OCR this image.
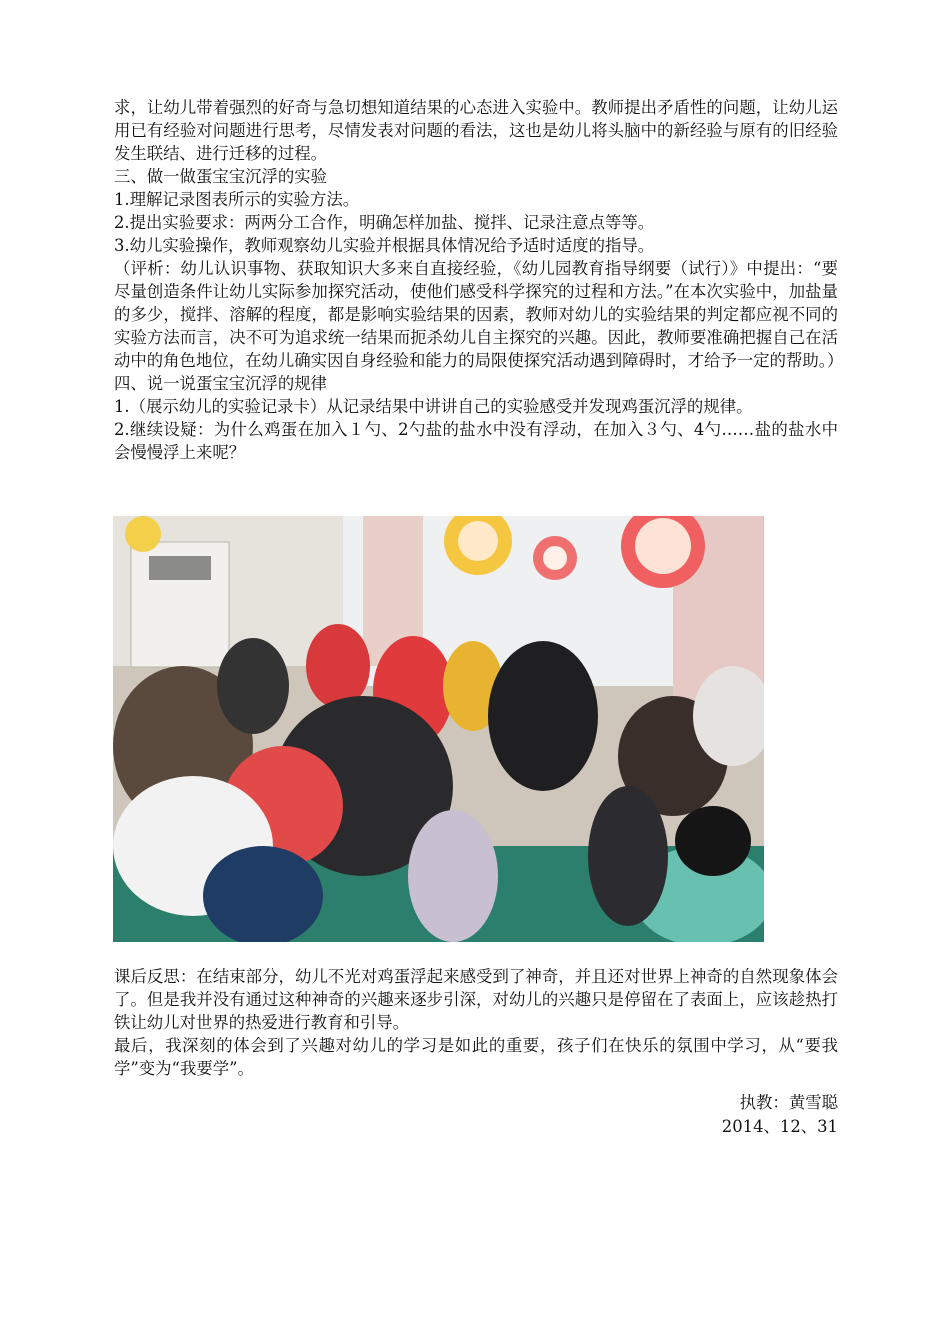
求，让幼儿带着强烈的好奇与急切想知道结果的心态进入实验中。教师提出矛盾性的问题，让幼儿运用已有经验对问题进行思考，尽情发表对问题的看法，这也是幼儿将头脑中的新经验与原有的旧经验发生联结、进行迁移的过程。

三、做一做蛋宝宝沉浮的实验

1.理解记录图表所示的实验方法。

2.提出实验要求：两两分工合作，明确怎样加盐、搅拌、记录注意点等等。

3.幼儿实验操作，教师观察幼儿实验并根据具体情况给予适时适度的指导。

（评析：幼儿认识事物、获取知识大多来自直接经验，《幼儿园教育指导纲要（试行）》中提出：“要尽量创造条件让幼儿实际参加探究活动，使他们感受科学探究的过程和方法。”在本次实验中，加盐量的多少，搅拌、溶解的程度，都是影响实验结果的因素，教师对幼儿的实验结果的判定都应视不同的实验方法而言，决不可为追求统一结果而扼杀幼儿自主探究的兴趣。因此，教师要准确把握自己在活动中的角色地位，在幼儿确实因自身经验和能力的局限使探究活动遇到障碍时，才给予一定的帮助。）

四、说一说蛋宝宝沉浮的规律

1.（展示幼儿的实验记录卡）从记录结果中讲讲自己的实验感受并发现鸡蛋沉浮的规律。

2.继续设疑：为什么鸡蛋在加入１勺、2勺盐的盐水中没有浮动，在加入３勺、4勺……盐的盐水中会慢慢浮上来呢？

课后反思：在结束部分，幼儿不光对鸡蛋浮起来感受到了神奇，并且还对世界上神奇的自然现象体会了。但是我并没有通过这种神奇的兴趣来逐步引深，对幼儿的兴趣只是停留在了表面上，应该趁热打铁让幼儿对世界的热爱进行教育和引导。

最后，我深刻的体会到了兴趣对幼儿的学习是如此的重要，孩子们在快乐的氛围中学习，从“要我学”变为“我要学”。

执教：黄雪聪
2014、12、31
